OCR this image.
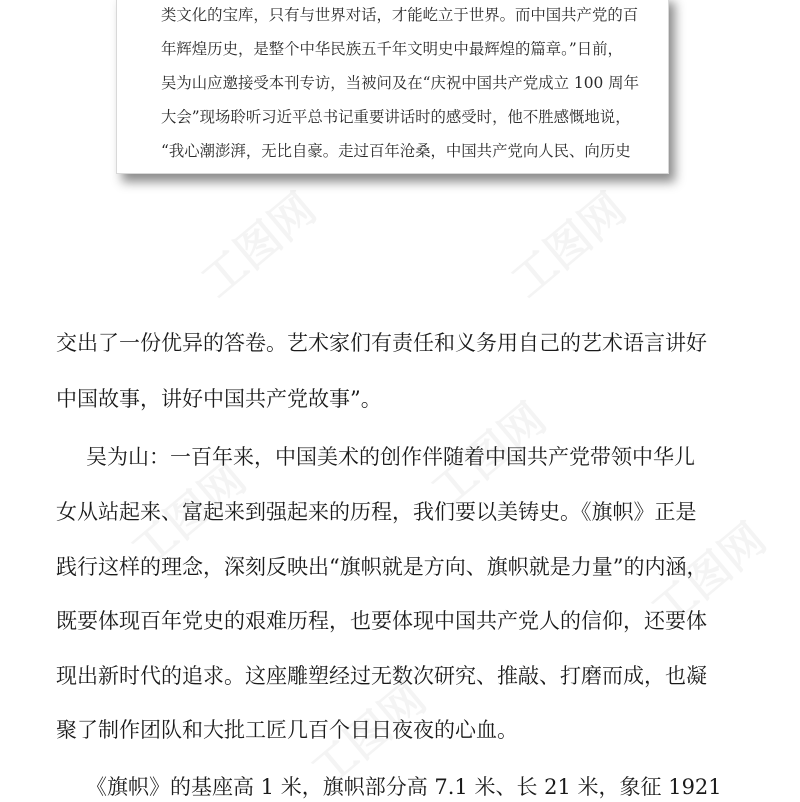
类文化的宝库，只有与世界对话，才能屹立于世界。而中国共产党的百
年辉煌历史，是整个中华民族五千年文明史中最辉煌的篇章。”日前，
吴为山应邀接受本刊专访，当被问及在“庆祝中国共产党成立 100 周年
大会”现场聆听习近平总书记重要讲话时的感受时，他不胜感慨地说，
“我心潮澎湃，无比自豪。走过百年沧桑，中国共产党向人民、向历史
交出了一份优异的答卷。艺术家们有责任和义务用自己的艺术语言讲好
中国故事，讲好中国共产党故事”。
吴为山：一百年来，中国美术的创作伴随着中国共产党带领中华儿
女从站起来、富起来到强起来的历程，我们要以美铸史。《旗帜》正是
践行这样的理念，深刻反映出“旗帜就是方向、旗帜就是力量”的内涵，
既要体现百年党史的艰难历程，也要体现中国共产党人的信仰，还要体
现出新时代的追求。这座雕塑经过无数次研究、推敲、打磨而成，也凝
聚了制作团队和大批工匠几百个日日夜夜的心血。
《旗帜》的基座高 1 米，旗帜部分高 7.1 米、长 21 米，象征 1921
